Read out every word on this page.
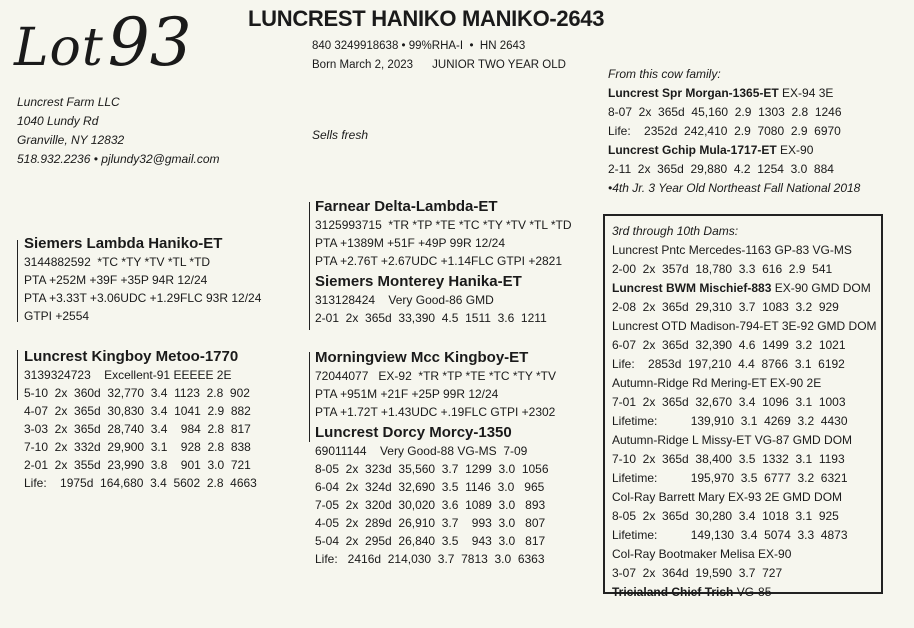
Lot93	LUNCREST HANIKO MANIKO-2643
840 3249918638 • 99%RHA-I  •  HN 2643
Born March 2, 2023      JUNIOR TWO YEAR OLD
Luncrest Farm LLC
1040 Lundy Rd
Granville, NY 12832
518.932.2236 • pjlundy32@gmail.com
Sells fresh
Siemers Lambda Haniko-ET
3144882592  *TC *TY *TV *TL *TD
PTA +252M +39F +35P 94R 12/24
PTA +3.33T +3.06UDC +1.29FLC 93R 12/24
GTPI +2554
Luncrest Kingboy Metoo-1770
3139324723    Excellent-91 EEEEE 2E
5-10  2x  360d  32,770  3.4  1123  2.8  902
4-07  2x  365d  30,830  3.4  1041  2.9  882
3-03  2x  365d  28,740  3.4    984  2.8  817
7-10  2x  332d  29,900  3.1    928  2.8  838
2-01  2x  355d  23,990  3.8    901  3.0  721
Life:    1975d  164,680  3.4  5602  2.8  4663
Farnear Delta-Lambda-ET
3125993715  *TR *TP *TE *TC *TY *TV *TL *TD
PTA +1389M +51F +49P 99R 12/24
PTA +2.76T +2.67UDC +1.14FLC GTPI +2821
Siemers Monterey Hanika-ET
313128424    Very Good-86 GMD
2-01  2x  365d  33,390  4.5  1511  3.6  1211
Morningview Mcc Kingboy-ET
72044077   EX-92  *TR *TP *TE *TC *TY *TV
PTA +951M +21F +25P 99R 12/24
PTA +1.72T +1.43UDC +.19FLC GTPI +2302
Luncrest Dorcy Morcy-1350
69011144    Very Good-88 VG-MS  7-09
8-05  2x  323d  35,560  3.7  1299  3.0  1056
6-04  2x  324d  32,690  3.5  1146  3.0   965
7-05  2x  320d  30,020  3.6  1089  3.0   893
4-05  2x  289d  26,910  3.7    993  3.0   807
5-04  2x  295d  26,840  3.5    943  3.0   817
Life:   2416d  214,030  3.7  7813  3.0  6363
From this cow family:
Luncrest Spr Morgan-1365-ET EX-94 3E
8-07  2x  365d  45,160  2.9  1303  2.8  1246
Life:    2352d  242,410  2.9  7080  2.9  6970
Luncrest Gchip Mula-1717-ET EX-90
2-11  2x  365d  29,880  4.2  1254  3.0  884
•4th Jr. 3 Year Old Northeast Fall National 2018
3rd through 10th Dams:
Luncrest Pntc Mercedes-1163 GP-83 VG-MS
2-00  2x  357d  18,780  3.3  616  2.9  541
Luncrest BWM Mischief-883 EX-90 GMD DOM
2-08  2x  365d  29,310  3.7  1083  3.2  929
Luncrest OTD Madison-794-ET 3E-92 GMD DOM
6-07  2x  365d  32,390  4.6  1499  3.2  1021
Life:    2853d  197,210  4.4  8766  3.1  6192
Autumn-Ridge Rd Mering-ET EX-90 2E
7-01  2x  365d  32,670  3.4  1096  3.1  1003
Lifetime:          139,910  3.1  4269  3.2  4430
Autumn-Ridge L Missy-ET VG-87 GMD DOM
7-10  2x  365d  38,400  3.5  1332  3.1  1193
Lifetime:          195,970  3.5  6777  3.2  6321
Col-Ray Barrett Mary EX-93 2E GMD DOM
8-05  2x  365d  30,280  3.4  1018  3.1  925
Lifetime:          149,130  3.4  5074  3.3  4873
Col-Ray Bootmaker Melisa EX-90
3-07  2x  364d  19,590  3.7  727
Tricialand Chief Trish VG-85
